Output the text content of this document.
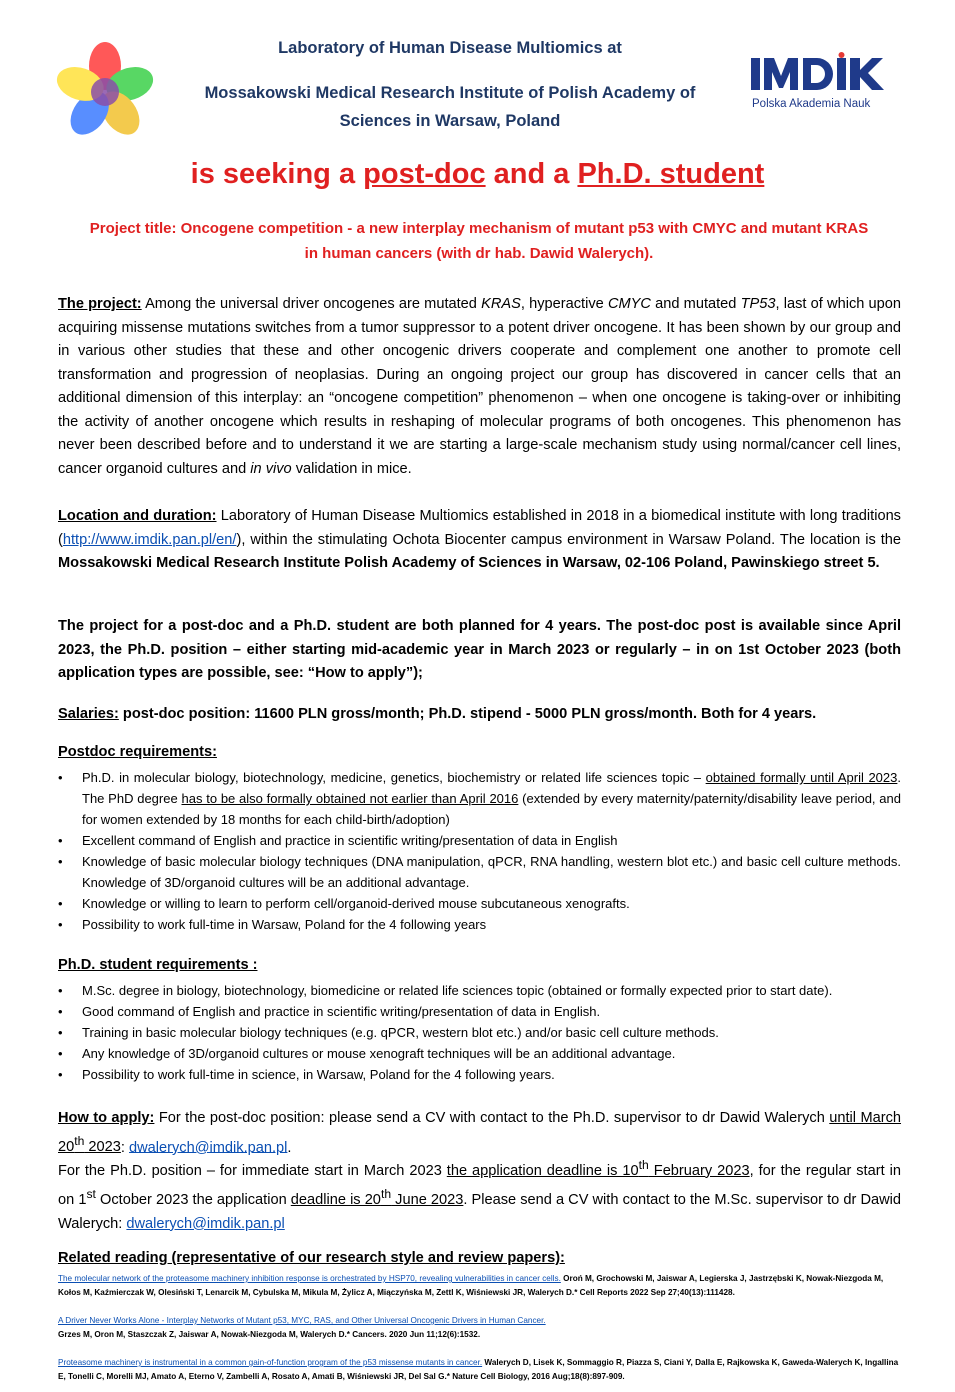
Laboratory of Human Disease Multiomics at
Mossakowski Medical Research Institute of Polish Academy of
Sciences in Warsaw, Poland
Polska Akademia Nauk
is seeking a post-doc and a Ph.D. student
Project title: Oncogene competition - a new interplay mechanism of mutant p53 with CMYC and mutant KRAS
in human cancers (with dr hab. Dawid Walerych).
The project: Among the universal driver oncogenes are mutated KRAS, hyperactive CMYC and mutated TP53, last of which upon acquiring missense mutations switches from a tumor suppressor to a potent driver oncogene. It has been shown by our group and in various other studies that these and other oncogenic drivers cooperate and complement one another to promote cell transformation and progression of neoplasias. During an ongoing project our group has discovered in cancer cells that an additional dimension of this interplay: an “oncogene competition” phenomenon – when one oncogene is taking-over or inhibiting the activity of another oncogene which results in reshaping of molecular programs of both oncogenes. This phenomenon has never been described before and to understand it we are starting a large-scale mechanism study using normal/cancer cell lines, cancer organoid cultures and in vivo validation in mice.
Location and duration: Laboratory of Human Disease Multiomics established in 2018 in a biomedical institute with long traditions (http://www.imdik.pan.pl/en/), within the stimulating Ochota Biocenter campus environment in Warsaw Poland. The location is the Mossakowski Medical Research Institute Polish Academy of Sciences in Warsaw, 02-106 Poland, Pawinskiego street 5.
The project for a post-doc and a Ph.D. student are both planned for 4 years. The post-doc post is available since April 2023, the Ph.D. position – either starting mid-academic year in March 2023 or regularly – in on 1st October 2023 (both application types are possible, see: “How to apply”);
Salaries: post-doc position: 11600 PLN gross/month; Ph.D. stipend - 5000 PLN gross/month. Both for 4 years.
Postdoc requirements:
• Ph.D. in molecular biology, biotechnology, medicine, genetics, biochemistry or related life sciences topic – obtained formally until April 2023. The PhD degree has to be also formally obtained not earlier than April 2016 (extended by every maternity/paternity/disability leave period, and for women extended by 18 months for each child-birth/adoption)
• Excellent command of English and practice in scientific writing/presentation of data in English
• Knowledge of basic molecular biology techniques (DNA manipulation, qPCR, RNA handling, western blot etc.) and basic cell culture methods. Knowledge of 3D/organoid cultures will be an additional advantage.
• Knowledge or willing to learn to perform cell/organoid-derived mouse subcutaneous xenografts.
• Possibility to work full-time in Warsaw, Poland for the 4 following years
Ph.D. student requirements :
• M.Sc. degree in biology, biotechnology, biomedicine or related life sciences topic (obtained or formally expected prior to start date).
• Good command of English and practice in scientific writing/presentation of data in English.
• Training in basic molecular biology techniques (e.g. qPCR, western blot etc.) and/or basic cell culture methods.
• Any knowledge of 3D/organoid cultures or mouse xenograft techniques will be an additional advantage.
• Possibility to work full-time in science, in Warsaw, Poland for the 4 following years.
How to apply: For the post-doc position: please send a CV with contact to the Ph.D. supervisor to dr Dawid Walerych until March 20th 2023: dwalerych@imdik.pan.pl.
For the Ph.D. position – for immediate start in March 2023 the application deadline is 10th February 2023, for the regular start in on 1st October 2023 the application deadline is 20th June 2023. Please send a CV with contact to the M.Sc. supervisor to dr Dawid Walerych: dwalerych@imdik.pan.pl
Related reading (representative of our research style and review papers):
The molecular network of the proteasome machinery inhibition response is orchestrated by HSP70, revealing vulnerabilities in cancer cells. Oroń M, Grochowski M, Jaiswar A, Legierska J, Jastrzębski K, Nowak-Niezgoda M, Kołos M, Kaźmierczak W, Olesiński T, Lenarcik M, Cybulska M, Mikula M, Żylicz A, Miączyńska M, Zettl K, Wiśniewski JR, Walerych D.* Cell Reports 2022 Sep 27;40(13):111428.
A Driver Never Works Alone - Interplay Networks of Mutant p53, MYC, RAS, and Other Universal Oncogenic Drivers in Human Cancer.
Grzes M, Oron M, Staszczak Z, Jaiswar A, Nowak-Niezgoda M, Walerych D.* Cancers. 2020 Jun 11;12(6):1532.
Proteasome machinery is instrumental in a common gain-of-function program of the p53 missense mutants in cancer. Walerych D, Lisek K, Sommaggio R, Piazza S, Ciani Y, Dalla E, Rajkowska K, Gaweda-Walerych K, Ingallina E, Tonelli C, Morelli MJ, Amato A, Eterno V, Zambelli A, Rosato A, Amati B, Wiśniewski JR, Del Sal G.* Nature Cell Biology, 2016 Aug;18(8):897-909.
